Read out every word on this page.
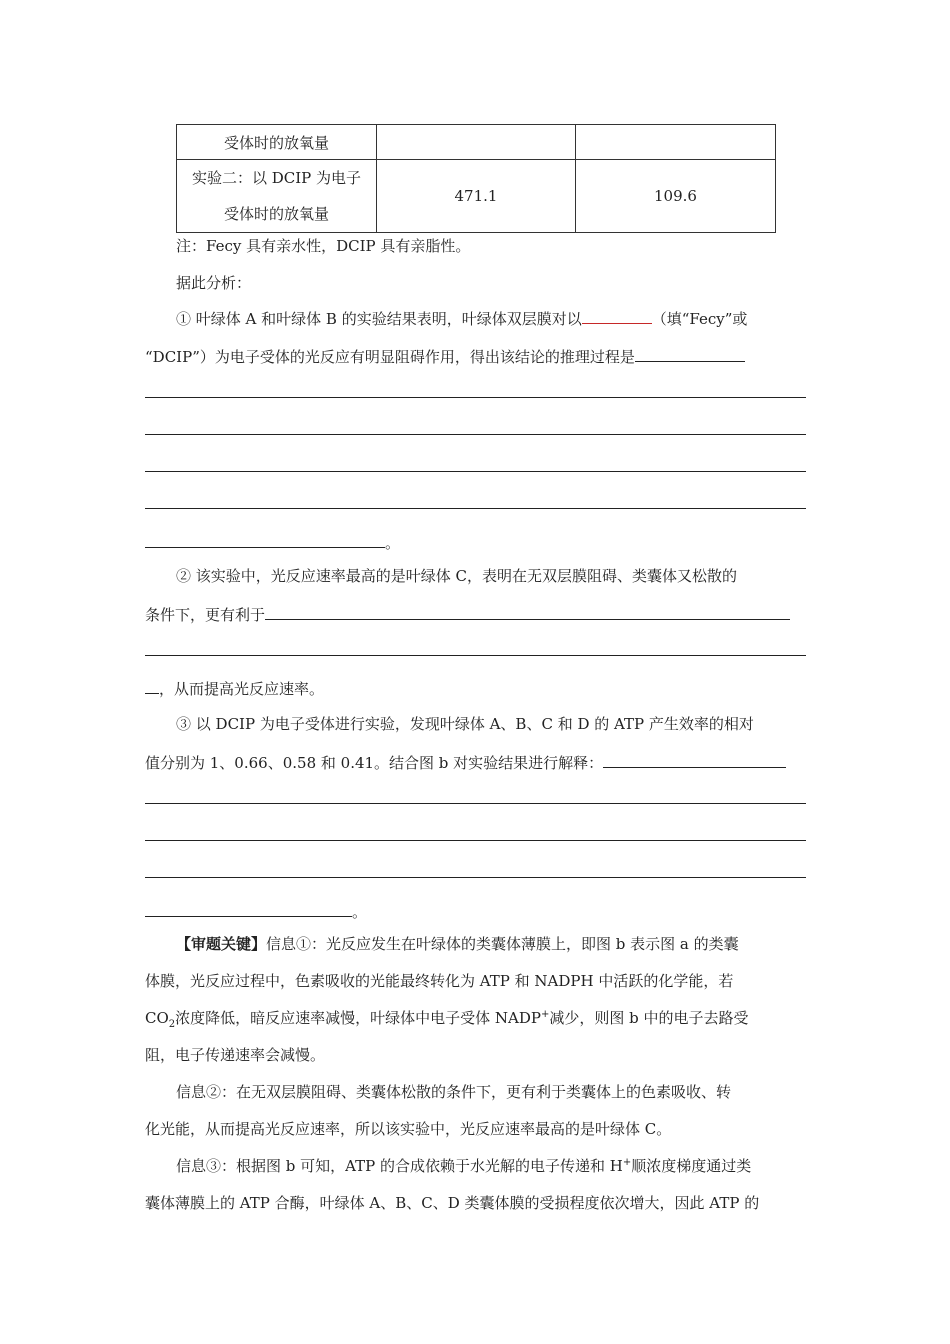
受体时的放氧量		

实验二：以 DCIP 为电子
受体时的放氧量	471.1	109.6
注：Fecy 具有亲水性，DCIP 具有亲脂性。
据此分析：
① 叶绿体 A 和叶绿体 B 的实验结果表明，叶绿体双层膜对以	（填“Fecy”或
“DCIP”）为电子受体的光反应有明显阻碍作用，得出该结论的推理过程是
。
② 该实验中，光反应速率最高的是叶绿体 C，表明在无双层膜阻碍、类囊体又松散的
条件下，更有利于
，从而提高光反应速率。
③ 以 DCIP 为电子受体进行实验，发现叶绿体 A、B、C 和 D 的 ATP 产生效率的相对
值分别为 1、0.66、0.58 和 0.41。结合图 b 对实验结果进行解释：
。
【审题关键】信息①：光反应发生在叶绿体的类囊体薄膜上，即图 b 表示图 a 的类囊
体膜，光反应过程中，色素吸收的光能最终转化为 ATP 和 NADPH 中活跃的化学能，若
$CO_2$浓度降低，暗反应速率减慢，叶绿体中电子受体 NADP+减少，则图 b 中的电子去路受
阻，电子传递速率会减慢。
信息②：在无双层膜阻碍、类囊体松散的条件下，更有利于类囊体上的色素吸收、转
化光能，从而提高光反应速率，所以该实验中，光反应速率最高的是叶绿体 C。
信息③：根据图 b 可知，ATP 的合成依赖于水光解的电子传递和 H+顺浓度梯度通过类
囊体薄膜上的 ATP 合酶，叶绿体 A、B、C、D 类囊体膜的受损程度依次增大，因此 ATP 的
